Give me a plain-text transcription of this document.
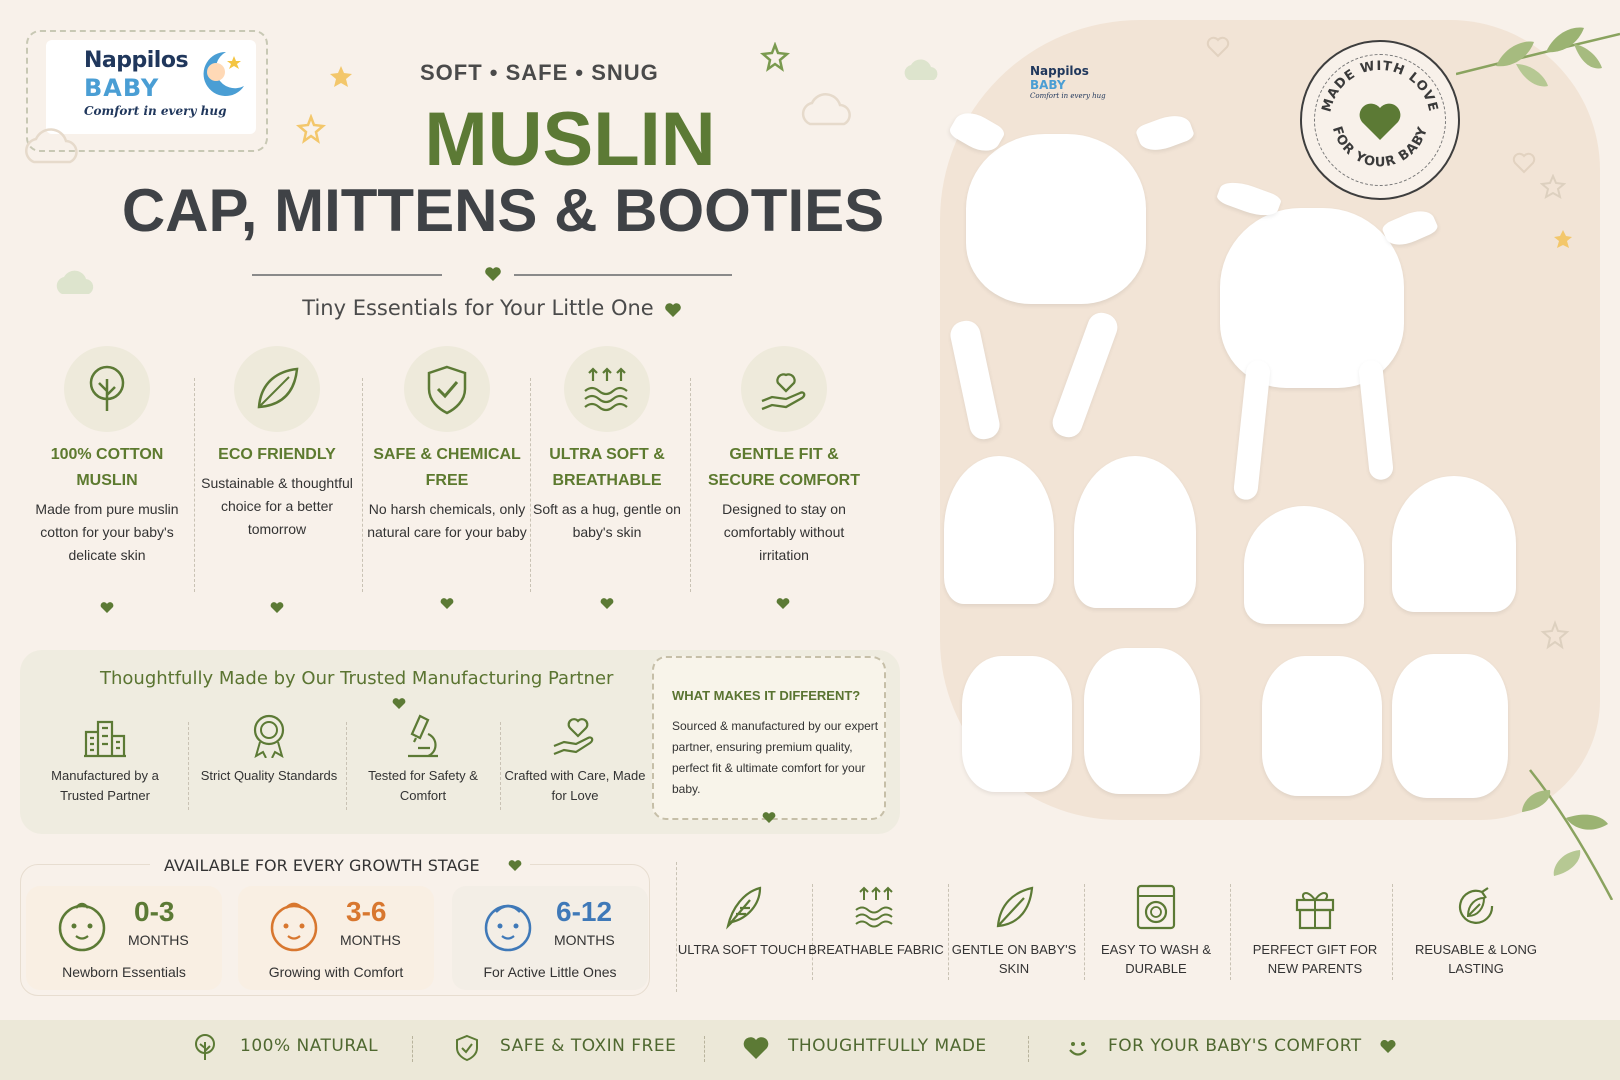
Nappilos
BABY
Comfort in every hug
SOFT • SAFE • SNUG
MUSLIN
CAP, MITTENS & BOOTIES
Tiny Essentials for Your Little One
100% COTTON MUSLIN
Made from pure muslin cotton for your baby's delicate skin
ECO FRIENDLY
Sustainable & thoughtful choice for a better tomorrow
SAFE & CHEMICAL FREE
No harsh chemicals, only natural care for your baby
ULTRA SOFT & BREATHABLE
Soft as a hug, gentle on baby's skin
GENTLE FIT & SECURE COMFORT
Designed to stay on comfortably without irritation
Thoughtfully Made by Our Trusted Manufacturing Partner
Manufactured by a Trusted Partner
Strict Quality Standards	Tested for Safety & Comfort
Crafted with Care, Made for Love
WHAT MAKES IT DIFFERENT?
Sourced & manufactured by our expert partner, ensuring premium quality, perfect fit & ultimate comfort for your baby.
AVAILABLE FOR EVERY GROWTH STAGE
0-3
MONTHS
Newborn Essentials
3-6
MONTHS
Growing with Comfort
6-12
MONTHS
For Active Little Ones
ULTRA SOFT TOUCH BREATHABLE FABRIC GENTLE ON BABY'S SKIN
EASY TO WASH & DURABLE
PERFECT GIFT FOR NEW PARENTS
REUSABLE & LONG LASTING
Nappilos
BABY
Comfort in every hug
MADE WITH LOVE
FOR YOUR BABY
100% NATURAL	SAFE & TOXIN FREE	THOUGHTFULLY MADE	FOR YOUR BABY'S COMFORT
